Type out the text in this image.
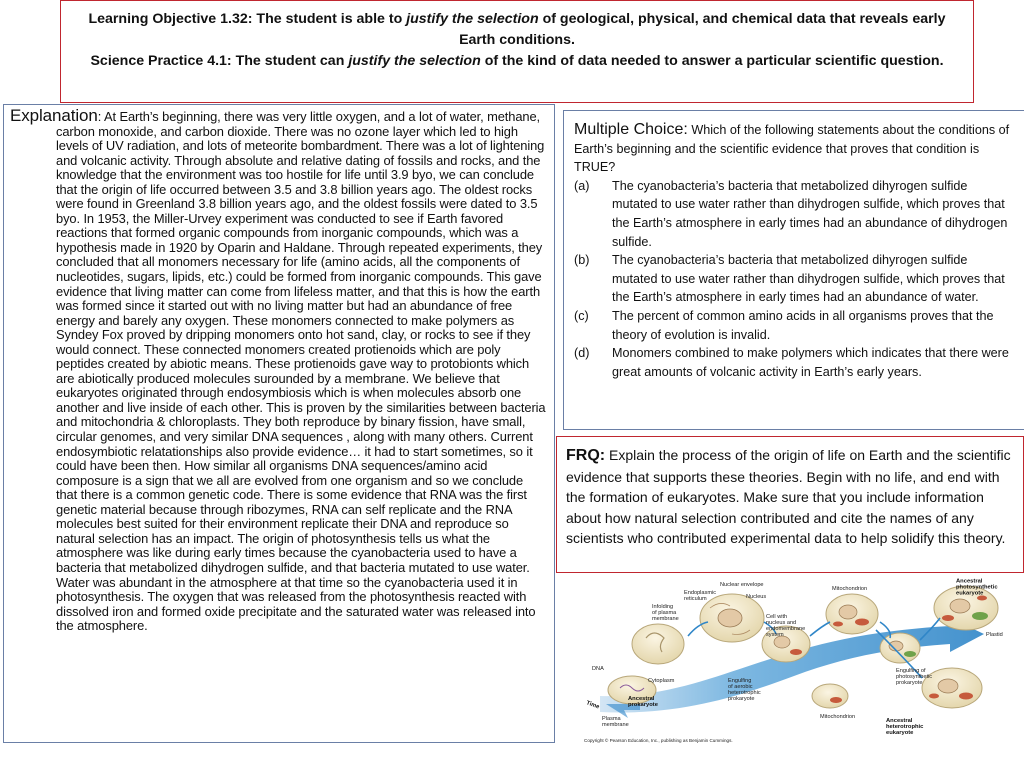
Learning Objective 1.32: The student is able to justify the selection of geological, physical, and chemical data that reveals early Earth conditions.
Science Practice 4.1: The student can justify the selection of the kind of data needed to answer a particular scientific question.
Explanation: At Earth’s beginning, there was very little oxygen, and a lot of water, methane, carbon monoxide, and carbon dioxide. There was no ozone layer which led to high levels of UV radiation, and lots of meteorite bombardment. There was a lot of lightening and volcanic activity. Through absolute and relative dating of fossils and rocks, and the knowledge that the environment was too hostile for life until 3.9 byo, we can conclude that the origin of life occurred between 3.5 and 3.8 billion years ago. The oldest rocks were found in Greenland 3.8 billion years ago, and the oldest fossils were dated to 3.5 byo. In 1953, the Miller-Urvey experiment was conducted to see if Earth favored reactions that formed organic compounds from inorganic compounds, which was a hypothesis made in 1920 by Oparin and Haldane. Through repeated experiments, they concluded that all monomers necessary for life (amino acids, all the components of nucleotides, sugars, lipids, etc.) could be formed from inorganic compounds. This gave evidence that living matter can come from lifeless matter, and that this is how the earth was formed since it started out with no living matter but had an abundance of free energy and barely any oxygen. These monomers connected to make polymers as Syndey Fox proved by dripping monomers onto hot sand, clay, or rocks to see if they would connect. These connected monomers created protienoids which are poly peptides created by abiotic means. These protienoids gave way to protobionts which are abiotically produced molecules surounded by a membrane. We believe that eukaryotes originated through endosymbiosis which is when molecules absorb one another and live inside of each other. This is proven by the similarities between bacteria and mitochondria & chloroplasts. They both reproduce by binary fission, have small, circular genomes, and very similar DNA sequences , along with many others. Current endosymbiotic relatationships also provide evidence… it had to start sometimes, so it could have been then. How similar all organisms DNA sequences/amino acid composure is a sign that we all are evolved from one organism and so we conclude that there is a common genetic code. There is some evidence that RNA was the first genetic material because through ribozymes, RNA can self replicate and the RNA molecules best suited for their environment replicate their DNA and reproduce so natural selection has an impact. The origin of photosynthesis tells us what the atmosphere was like during early times because the cyanobacteria used to have a bacteria that metabolized dihydrogen sulfide, and that bacteria mutated to use water. Water was abundant in the atmosphere at that time so the cyanobacteria used it in photosynthesis. The oxygen that was released from the photosynthesis reacted with dissolved iron and formed oxide precipitate and the saturated water was released into the atmosphere.
Multiple Choice: Which of the following statements about the conditions of Earth’s beginning and the scientific evidence that proves that condition is TRUE?
(a)	The cyanobacteria’s bacteria that metabolized dihyrogen sulfide mutated to use water rather than dihydrogen sulfide, which proves that the Earth’s atmosphere in early times had an abundance of dihydrogen sulfide.
(b)	The cyanobacteria’s bacteria that metabolized dihyrogen sulfide mutated to use water rather than dihydrogen sulfide, which proves that the Earth’s atmosphere in early times had an abundance of water.
(c)	The percent of common amino acids in all organisms proves that the theory of evolution is invalid.
(d)	Monomers combined to make polymers which indicates that there were great amounts of volcanic activity in Earth’s early years.
FRQ: Explain the process of the origin of life on Earth and the scientific evidence that supports these theories. Begin with no life, and end with the formation of eukaryotes. Make sure that you include information about how natural selection contributed and cite the names of any scientists who contributed experimental data to help solidify this theory.
Nuclear envelope
Endoplasmic
reticulum	Nucleus
Infolding
of plasma
membrane	Cell with
nucleus and
endomembrane
system
Mitochondrion
Ancestral
photosynthetic
eukaryote
Plastid
Engulfing of
photosynthetic
prokaryote
DNA
Cytoplasm
Plasma
membrane
Ancestral
prokaryote
Engulfing
of aerobic
heterotrophic
prokaryote
Mitochondrion
Ancestral
heterotrophic
eukaryote
Time
Copyright © Pearson Education, Inc., publishing as Benjamin Cummings.
